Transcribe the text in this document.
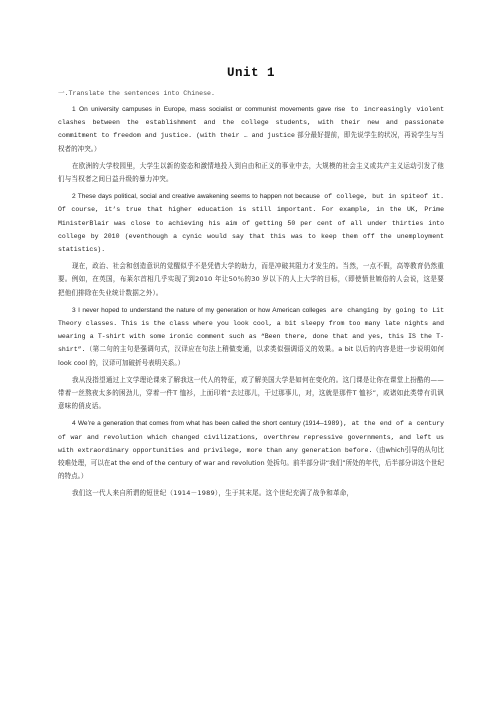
Unit 1
一.Translate the sentences into Chinese.

1 On university campuses in Europe, mass socialist or communist movements gave rise to increasingly violent clashes between the establishment and the college students, with their new and passionate commitment to freedom and justice. (with their … and justice 部分最好提前，即先说学生的状况，再说学生与当权者的冲突。）

在欧洲的大学校园里，大学生以新的姿态和激情地投入到自由和正义的事业中去，大规模的社会主义或共产主义运动引发了他们与当权者之间日益升级的暴力冲突。

2 These days political, social and creative awakening seems to happen not because of college, but in spiteof it. Of course, it’s true that higher education is still important. For example, in the UK, Prime MinisterBlair was close to achieving his aim of getting 50 per cent of all under thirties into college by 2010 (eventhough a cynic would say that this was to keep them off the unemployment statistics).

现在，政治、社会和创造意识的觉醒似乎不是凭借大学的助力，而是冲破其阻力才发生的。当然，一点不假，高等教育仍然重要。例如，在英国，布莱尔首相几乎实现了到2010 年让50％的30 岁以下的人上大学的目标，（即使愤世嫉俗的人会说，这是要把他们排除在失业统计数据之外）。

3 I never hoped to understand the nature of my generation or how American colleges are changing by going to Lit Theory classes. This is the class where you look cool, a bit sleepy from too many late nights and wearing a T-shirt with some ironic comment such as “Been there, done that and yes, this IS the T-shirt”.（第二句的主句是强调句式，汉译应在句法上稍做变通，以求类似强调语义的效果。a bit 以后的内容是进一步说明如何 look cool 的，汉译可加破折号表明关系。）

我从没指望通过上文学理论课来了解我这一代人的特征，或了解美国大学是如何在变化的。这门课是让你在课堂上扮酷的——带着一丝熬夜太多的困劲儿，穿着一件T 恤衫，上面印着“去过那儿，干过那事儿，对，这就是那件T 恤衫”，或诸如此类带有讥讽意味的俏皮话。

4 We’re a generation that comes from what has been called the short century (1914—1989), at the end of a century of war and revolution which changed civilizations, overthrew repressive governments, and left us with extraordinary opportunities and privilege, more than any generation before.（由which引导的从句比较难处理，可以在at the end of the century of war and revolution 处拆句。前半部分讲“我们”所处的年代，后半部分讲这个世纪的特点。）

我们这一代人来自所谓的短世纪（1914－1989），生于其末尾。这个世纪充满了战争和革命，
